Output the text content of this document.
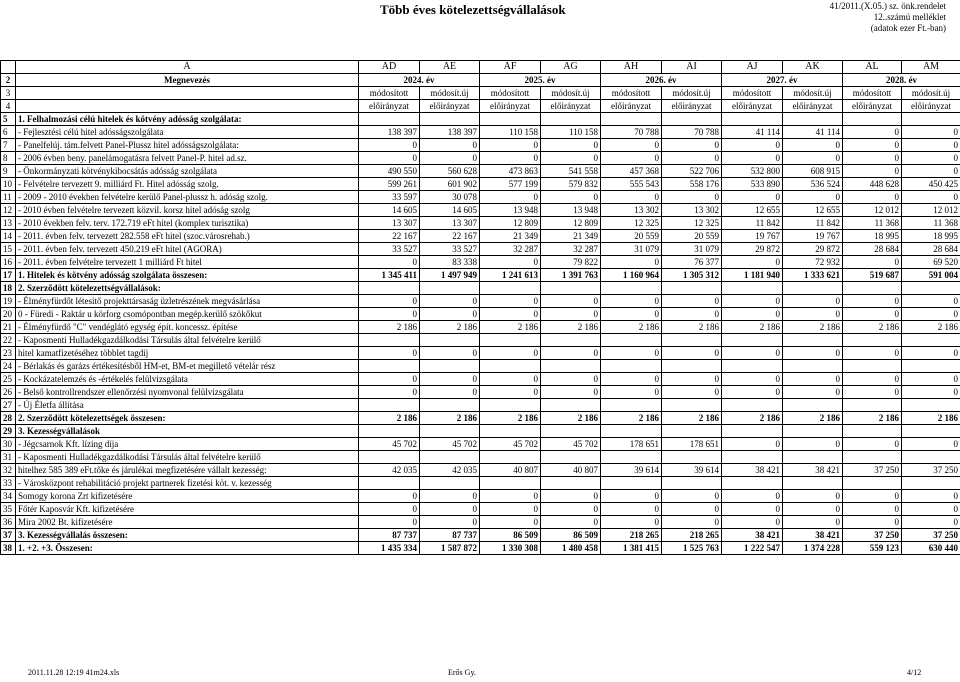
Több éves kötelezettségvállalások	41/2011.(X.05.) sz. önk.rendelet
12..számú melléklet
(adatok ezer Ft.-ban)
	A	AD	AE	AF	AG	AH	AI	AJ	AK	AL	AM
2	Megnevezés	2024. év		2025. év		2026. év		2027. év		2028. év	
3		módosított	módosít.új	módosított	módosít.új	módosított	módosít.új	módosított	módosít.új	módosított	módosít.új
4		előirányzat	előirányzat	előirányzat	előirányzat	előirányzat	előirányzat	előirányzat	előirányzat	előirányzat	előirányzat
5	1. Felhalmozási célú hitelek és kötvény adósság szolgálata:										
6	- Fejlesztési célú hitel adósságszolgálata	138 397	138 397	110 158	110 158	70 788	70 788	41 114	41 114	0	0
7	- Panelfelúj. tám.felvett Panel-Plussz hitel adósságszolgálata:	0	0	0	0	0	0	0	0	0	0
8	- 2006 évben beny. panelámogatásra felvett Panel-P. hitel ad.sz.	0	0	0	0	0	0	0	0	0	0
9	- Önkormányzati kötvénykibocsátás adósság szolgálata	490 550	560 628	473 863	541 558	457 368	522 706	532 800	608 915	0	0
10	- Felvételre tervezett 9. milliárd Ft. Hitel adósság szolg.	599 261	601 902	577 199	579 832	555 543	558 176	533 890	536 524	448 628	450 425
11	- 2009 - 2010 években felvételre kerülő Panel-plussz h. adóság szolg.	33 597	30 078	0	0	0	0	0	0	0	0
12	- 2010 évben felvételre tervezett közvil. korsz hitel adóság szolg	14 605	14 605	13 948	13 948	13 302	13 302	12 655	12 655	12 012	12 012
13	- 2010 években felv. terv. 172.719 eFt hitel (komplex turisztika)	13 307	13 307	12 809	12 809	12 325	12 325	11 842	11 842	11 368	11 368
14	- 2011. évben felv. tervezett 282.558 eFt hitel (szoc.városrehab.)	22 167	22 167	21 349	21 349	20 559	20 559	19 767	19 767	18 995	18 995
15	- 2011. évben felv. tervezett 450.219 eFt hitel (AGORA)	33 527	33 527	32 287	32 287	31 079	31 079	29 872	29 872	28 684	28 684
16	- 2011. évben felvételre tervezett 1 milliárd Ft hitel	0	83 338	0	79 822	0	76 377	0	72 932	0	69 520
17	1. Hitelek és kötvény adósság szolgálata összesen:	1 345 411	1 497 949	1 241 613	1 391 763	1 160 964	1 305 312	1 181 940	1 333 621	519 687	591 004
18	2. Szerződött kötelezettségvállalások:										
19	- Élményfürdőt létesítő projekttársaság üzletrészének megvásárlása	0	0	0	0	0	0	0	0	0	0
20	0 - Füredi - Raktár u körforg csomópontban megép.kerülő szökőkut	0	0	0	0	0	0	0	0	0	0
21	- Élményfürdő "C" vendéglátó egység épít. koncessz. építése	2 186	2 186	2 186	2 186	2 186	2 186	2 186	2 186	2 186	2 186
22	- Kaposmenti Hulladékgazdálkodási Társulás által felvételre kerülő										
23	hitel kamatfizetéséhez többlet tagdíj	0	0	0	0	0	0	0	0	0	0
24	- Bérlakás és garázs értékesítésből HM-et, BM-et megillető vételár rész										
25	- Kockázatelemzés és -értékelés felülvizsgálata	0	0	0	0	0	0	0	0	0	0
26	- Belső kontrollrendszer ellenőrzési nyomvonal felülvizsgálata	0	0	0	0	0	0	0	0	0	0
27	- Új Életfa állítása										
28	2. Szerződött kötelezettségek összesen:	2 186	2 186	2 186	2 186	2 186	2 186	2 186	2 186	2 186	2 186
29	3. Kezességvállalások										
30	- Jégcsarnok Kft. lízing díja	45 702	45 702	45 702	45 702	178 651	178 651	0	0	0	0
31	- Kaposmenti Hulladékgazdálkodási Társulás által felvételre kerülő										
32	hitelhez 585 389 eFt.tőke és járulékai megfizetésére vállalt kezesség:	42 035	42 035	40 807	40 807	39 614	39 614	38 421	38 421	37 250	37 250
33	- Városközpont rehabilitáció projekt partnerek fizetési köt. v. kezesség										
34	Somogy korona Zrt kifizetésére	0	0	0	0	0	0	0	0	0	0
35	Főtér Kaposvár Kft. kifizetésére	0	0	0	0	0	0	0	0	0	0
36	Mira 2002 Bt. kifizetésére	0	0	0	0	0	0	0	0	0	0
37	3. Kezességvállalás összesen:	87 737	87 737	86 509	86 509	218 265	218 265	38 421	38 421	37 250	37 250
38	1. +2. +3. Összesen:	1 435 334	1 587 872	1 330 308	1 480 458	1 381 415	1 525 763	1 222 547	1 374 228	559 123	630 440
2011.11.28 12:19 41m24.xls	Erős Gy.	4/12
